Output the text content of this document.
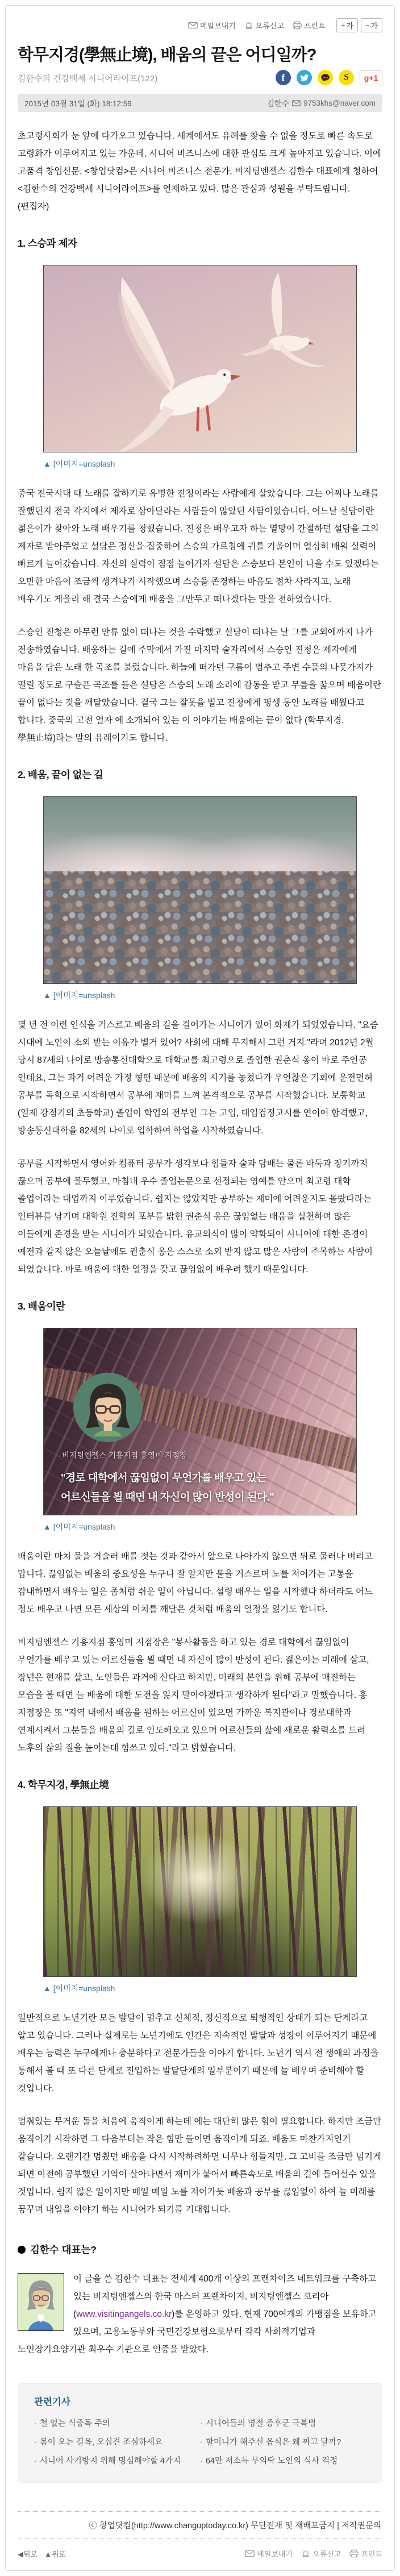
메일보내기	오류신고	프린트 + 가 − 가
학무지경(學無止境), 배움의 끝은 어디일까?
김한수의 건강백세 시니어라이프(122)	f	TALK S g+1
2015년 03월 31일 (화) 18:12:59	김한수 9753khs@naver.com

초고령사회가 눈 앞에 다가오고 있습니다. 세계에서도 유례를 찾을 수 없을 정도로 빠른 속도로 고령화가 이루어지고 있는 가운데, 시니어 비즈니스에 대한 관심도 크게 높아지고 있습니다. 이에 고품격 창업신문, <창업닷컴>은 시니어 비즈니스 전문가, 비지팅엔젤스 김한수 대표에게 청하여 <김한수의 건강백세 시니어라이프>를 연재하고 있다. 많은 관심과 성원을 부탁드립니다. (편집자)

1. 스승과 제자
▲ [이미지=unsplash

중국 전국시대 때 노래를 잘하기로 유명한 진청이라는 사람에게 살았습니다. 그는 어찌나 노래를 잘했던지 전국 각지에서 제자로 삼아달라는 사람들이 많았던 사람이었습니다. 어느날 설담이란 젊은이가 찾아와 노래 배우기를 청했습니다. 진청은 배우고자 하는 열망이 간절하던 설담을 그의 제자로 받아주었고 설담은 정신을 집중하여 스승의 가르침에 귀를 기울이며 열심히 배워 실력이 빠르게 늘어갔습니다. 자신의 실력이 점점 늘어가자 설담은 스승보다 본인이 나을 수도 있겠다는 오만한 마음이 조금씩 생겨나기 시작했으며 스승을 존경하는 마음도 점차 사라지고, 노래 배우기도 게을리 해 결국 스승에게 배움을 그만두고 떠나겠다는 말을 전하였습니다.

스승인 진청은 아무런 만류 없이 떠나는 것을 수락했고 설담이 떠나는 날 그를 교외에까지 나가 전송하였습니다. 배웅하는 길에 주막에서 가진 마지막 술자리에서 스승인 진청은 제자에게 마음을 담은 노래 한 곡조를 불렀습니다. 하늘에 떠가던 구름이 멈추고 주변 수풀의 나뭇가지가 떨릴 정도로 구슬픈 곡조를 들은 설담은 스승의 노래 소리에 감동을 받고 무릎을 꿇으며 배움이란 끝이 없다는 것을 깨달았습니다. 결국 그는 잘못을 빌고 진청에게 평생 동안 노래를 배웠다고 합니다. 중국의 고전 열자 에 소개되어 있는 이 이야기는 배움에는 끝이 없다 (학무지경, 學無止境)라는 말의 유래이기도 합니다.

2. 배움, 끝이 없는 길
▲ [이미지=unsplash

몇 년 전 이런 인식을 거스르고 배움의 길을 걸어가는 시니어가 있어 화제가 되었었습니다. "요즘 시대에 노인이 소외 받는 이유가 별거 있어? 사회에 대해 무지해서 그런 거지."라며 2012년 2월 당시 87세의 나이로 방송통신대학으로 대학교를 최고령으로 졸업한 권춘식 옹이 바로 주인공 인데요, 그는 과거 어려운 가정 형편 때문에 배움의 시기를 놓쳤다가 우연찮은 기회에 운전면허 공부를 독학으로 시작하면서 공부에 재미를 느껴 본격적으로 공부를 시작했습니다. 보통학교(일제 강점기의 초등학교) 졸업이 학업의 전부인 그는 고입, 대입검정고시를 연이어 합격했고, 방송통신대학을 82세의 나이로 입학하여 학업을 시작하였습니다.

공부를 시작하면서 영어와 컴퓨터 공부가 생각보다 힘들자 술과 담배는 물론 바둑과 장기까지 끊으며 공부에 몰두했고, 마침내 우수 졸업논문으로 선정되는 영예를 안으며 최고령 대학 졸업이라는 대업까지 이루었습니다. 쉽지는 않았지만 공부하는 재미에 어려운지도 몰랐다라는 인터뷰를 남기며 대학원 진학의 포부를 밝힌 권춘식 옹은 끊임없는 배움을 실천하며 많은 이들에게 존경을 받는 시니어가 되었습니다. 유교의식이 많이 약화되어 시니어에 대한 존경이 예전과 같지 않은 오늘날에도 권춘식 옹은 스스로 소외 받지 않고 많은 사람이 주목하는 사람이 되었습니다. 바로 배움에 대한 열정을 갖고 끊임없이 배우려 했기 때문입니다.

3. 배움이란
비지팅엔젤스 기흥지점 홍영미 지점장
"경로 대학에서 끊임없이 무언가를 배우고 있는
어르신들을 뵐 때면 내 자신이 많이 반성이 된다."
▲ [이미지=unsplash

배움이란 마치 물을 거슬러 배를 젓는 것과 같아서 앞으로 나아가지 않으면 뒤로 물러나 버리고 맙니다. 끊임없는 배움의 중요성을 누구나 잘 알지만 물을 거스르며 노를 저어가는 고통을 감내하면서 배우는 일은 좀처럼 쉬운 일이 아닙니다. 설령 배우는 일을 시작했다 하더라도 어느 정도 배우고 나면 모든 세상의 이치를 깨달은 것처럼 배움의 열정을 잃기도 합니다.

비지팅엔젤스 기흥지점 홍영미 지점장은 "봉사활동을 하고 있는 경로 대학에서 끊임없이 무언가를 배우고 있는 어르신들을 뵐 때면 내 자신이 많이 반성이 된다. 젊은이는 미래에 살고, 장년은 현재를 살고, 노인들은 과거에 산다고 하지만, 미래의 본인을 위해 공부에 매진하는 모습을 볼 때면 늘 배움에 대한 도전을 잃지 말아야겠다고 생각하게 된다"라고 말했습니다. 홍 지점장은 또 "지역 내에서 배움을 원하는 어르신이 있으면 가까운 복지관이나 경로대학과 연계시켜서 그분들을 배움의 길로 인도해오고 있으며 어르신들의 삶에 새로운 활력소를 드려 노후의 삶의 질을 높이는데 힘쓰고 있다."라고 밝혔습니다.

4. 학무지경, 學無止境
▲ [이미지=unsplash

일반적으로 노년기란 모든 발달이 멈추고 신체적, 정신적으로 퇴행적인 상태가 되는 단계라고 알고 있습니다. 그러나 실제로는 노년기에도 인간은 지속적인 발달과 성장이 이루어지기 때문에 배우는 능력은 누구에게나 충분하다고 전문가들을 이야기 합니다. 노년기 역시 전 생애의 과정을 통해서 볼 때 또 다른 단계로 진입하는 발달단계의 일부분이기 때문에 늘 배우며 준비해야 할 것입니다.

멈춰있는 무거운 돌을 처음에 움직이게 하는데 에는 대단히 많은 힘이 필요합니다. 하지만 조금만 움직이기 시작하면 그 다음부터는 작은 힘만 들이면 움직이게 되죠. 배움도 마찬가지인거 같습니다. 오랜기간 멈췄던 배움을 다시 시작하려하면 너무나 힘들지만, 그 고비를 조금만 넘기게 되면 이전에 공부했던 기억이 살아나면서 재미가 붙어서 빠른속도로 배움의 길에 들어설수 있을 것입니다. 쉽지 않은 일이지만 매일 매일 노를 저어가듯 배움과 공부를 끊임없이 하여 늘 미래를 꿈꾸며 내일을 이야기 하는 시니어가 되기를 기대합니다.

김한수 대표는?
이 글을 쓴 김한수 대표는 전세계 400개 이상의 프랜차이즈 네트워크를 구축하고 있는 비지팅엔젤스의 한국 마스터 프랜차이지, 비지팅엔젤스 코리아 (www.visitingangels.co.kr)를 운영하고 있다. 현재 700여개의 가맹점을 보유하고 있으며, 고용노동부와 국민건강보험으로부터 각각 사회적기업과 노인장기요양기관 최우수 기관으로 인증을 받았다.
관련기사
· 철 없는 식중독 주의
· 봄이 오는 길목, 오십견 조심하세요
· 시니어 사기방지 위해 명심해야할 4가지
· 시니어들의 명절 증후군 극복법
· 할머니가 해주신 음식은 왜 짜고 달까?
· 64만 저소득 무의탁 노인의 식사 걱정
ⓒ 창업닷컴(http://www.changuptoday.co.kr) 무단전재 및 재배포금지 | 저작권문의
◀뒤로 ▲위로	메일보내기	오류신고	프린트
